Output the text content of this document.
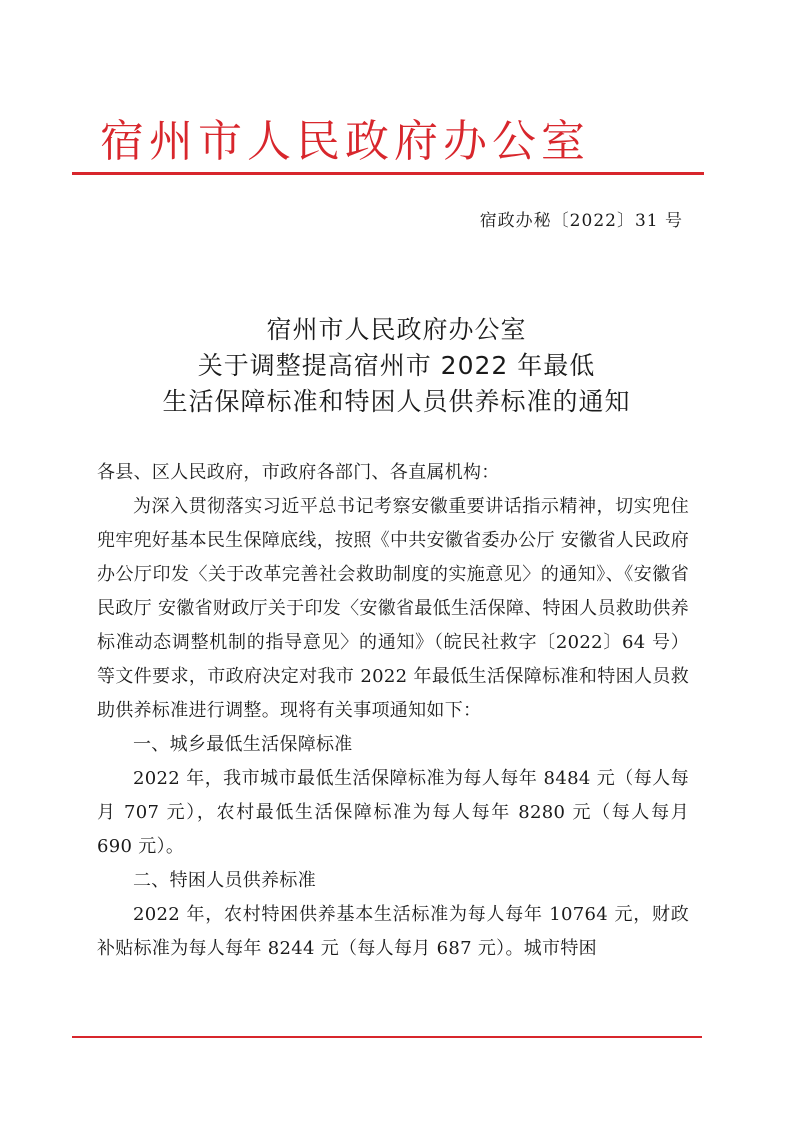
宿州市人民政府办公室
宿政办秘〔2022〕31 号
宿州市人民政府办公室
关于调整提高宿州市 2022 年最低
生活保障标准和特困人员供养标准的通知

各县、区人民政府，市政府各部门、各直属机构：

为深入贯彻落实习近平总书记考察安徽重要讲话指示精神，切实兜住兜牢兜好基本民生保障底线，按照《中共安徽省委办公厅 安徽省人民政府办公厅印发〈关于改革完善社会救助制度的实施意见〉的通知》、《安徽省民政厅 安徽省财政厅关于印发〈安徽省最低生活保障、特困人员救助供养标准动态调整机制的指导意见〉的通知》（皖民社救字〔2022〕64 号）等文件要求，市政府决定对我市 2022 年最低生活保障标准和特困人员救助供养标准进行调整。现将有关事项通知如下：

一、城乡最低生活保障标准

2022 年，我市城市最低生活保障标准为每人每年 8484 元（每人每月 707 元），农村最低生活保障标准为每人每年 8280 元（每人每月 690 元）。

二、特困人员供养标准

2022 年，农村特困供养基本生活标准为每人每年 10764 元，财政补贴标准为每人每年 8244 元（每人每月 687 元）。城市特困
